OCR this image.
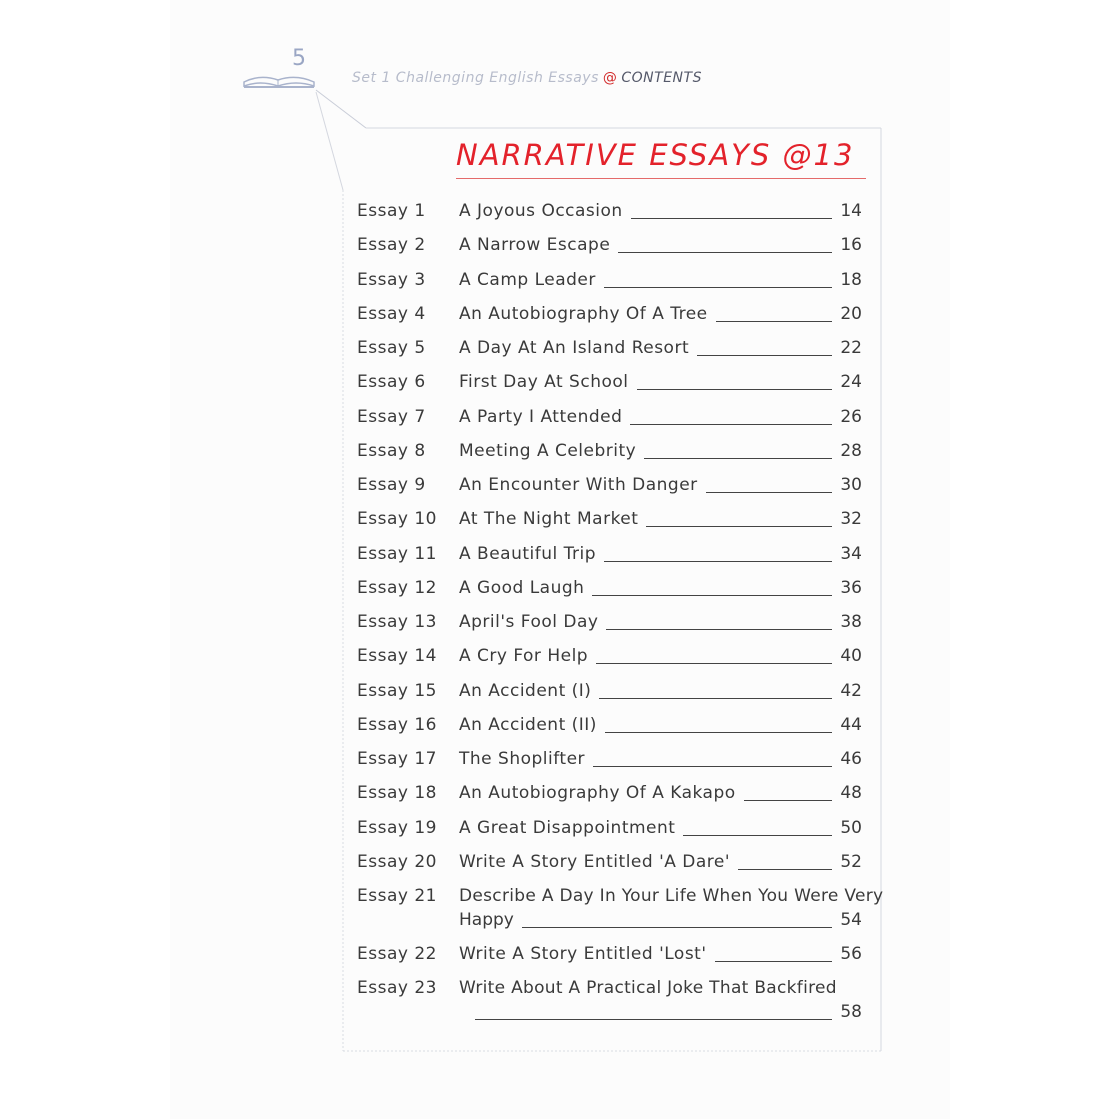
5
Set 1 Challenging English Essays @ CONTENTS
NARRATIVE ESSAYS @13
Essay 1	A Joyous Occasion	14
Essay 2	A Narrow Escape	16
Essay 3	A Camp Leader	18
Essay 4	An Autobiography Of A Tree	20
Essay 5	A Day At An Island Resort	22
Essay 6	First Day At School	24
Essay 7	A Party I Attended	26
Essay 8	Meeting A Celebrity	28
Essay 9	An Encounter With Danger	30
Essay 10	At The Night Market	32
Essay 11	A Beautiful Trip	34
Essay 12	A Good Laugh	36
Essay 13	April's Fool Day	38
Essay 14	A Cry For Help	40
Essay 15	An Accident (I)	42
Essay 16	An Accident (II)	44
Essay 17	The Shoplifter	46
Essay 18	An Autobiography Of A Kakapo	48
Essay 19	A Great Disappointment	50
Essay 20	Write A Story Entitled 'A Dare'	52
Essay 21	Describe A Day In Your Life When You Were Very
Happy	54
Essay 22	Write A Story Entitled 'Lost'	56
Essay 23	Write About A Practical Joke That Backfired
58
